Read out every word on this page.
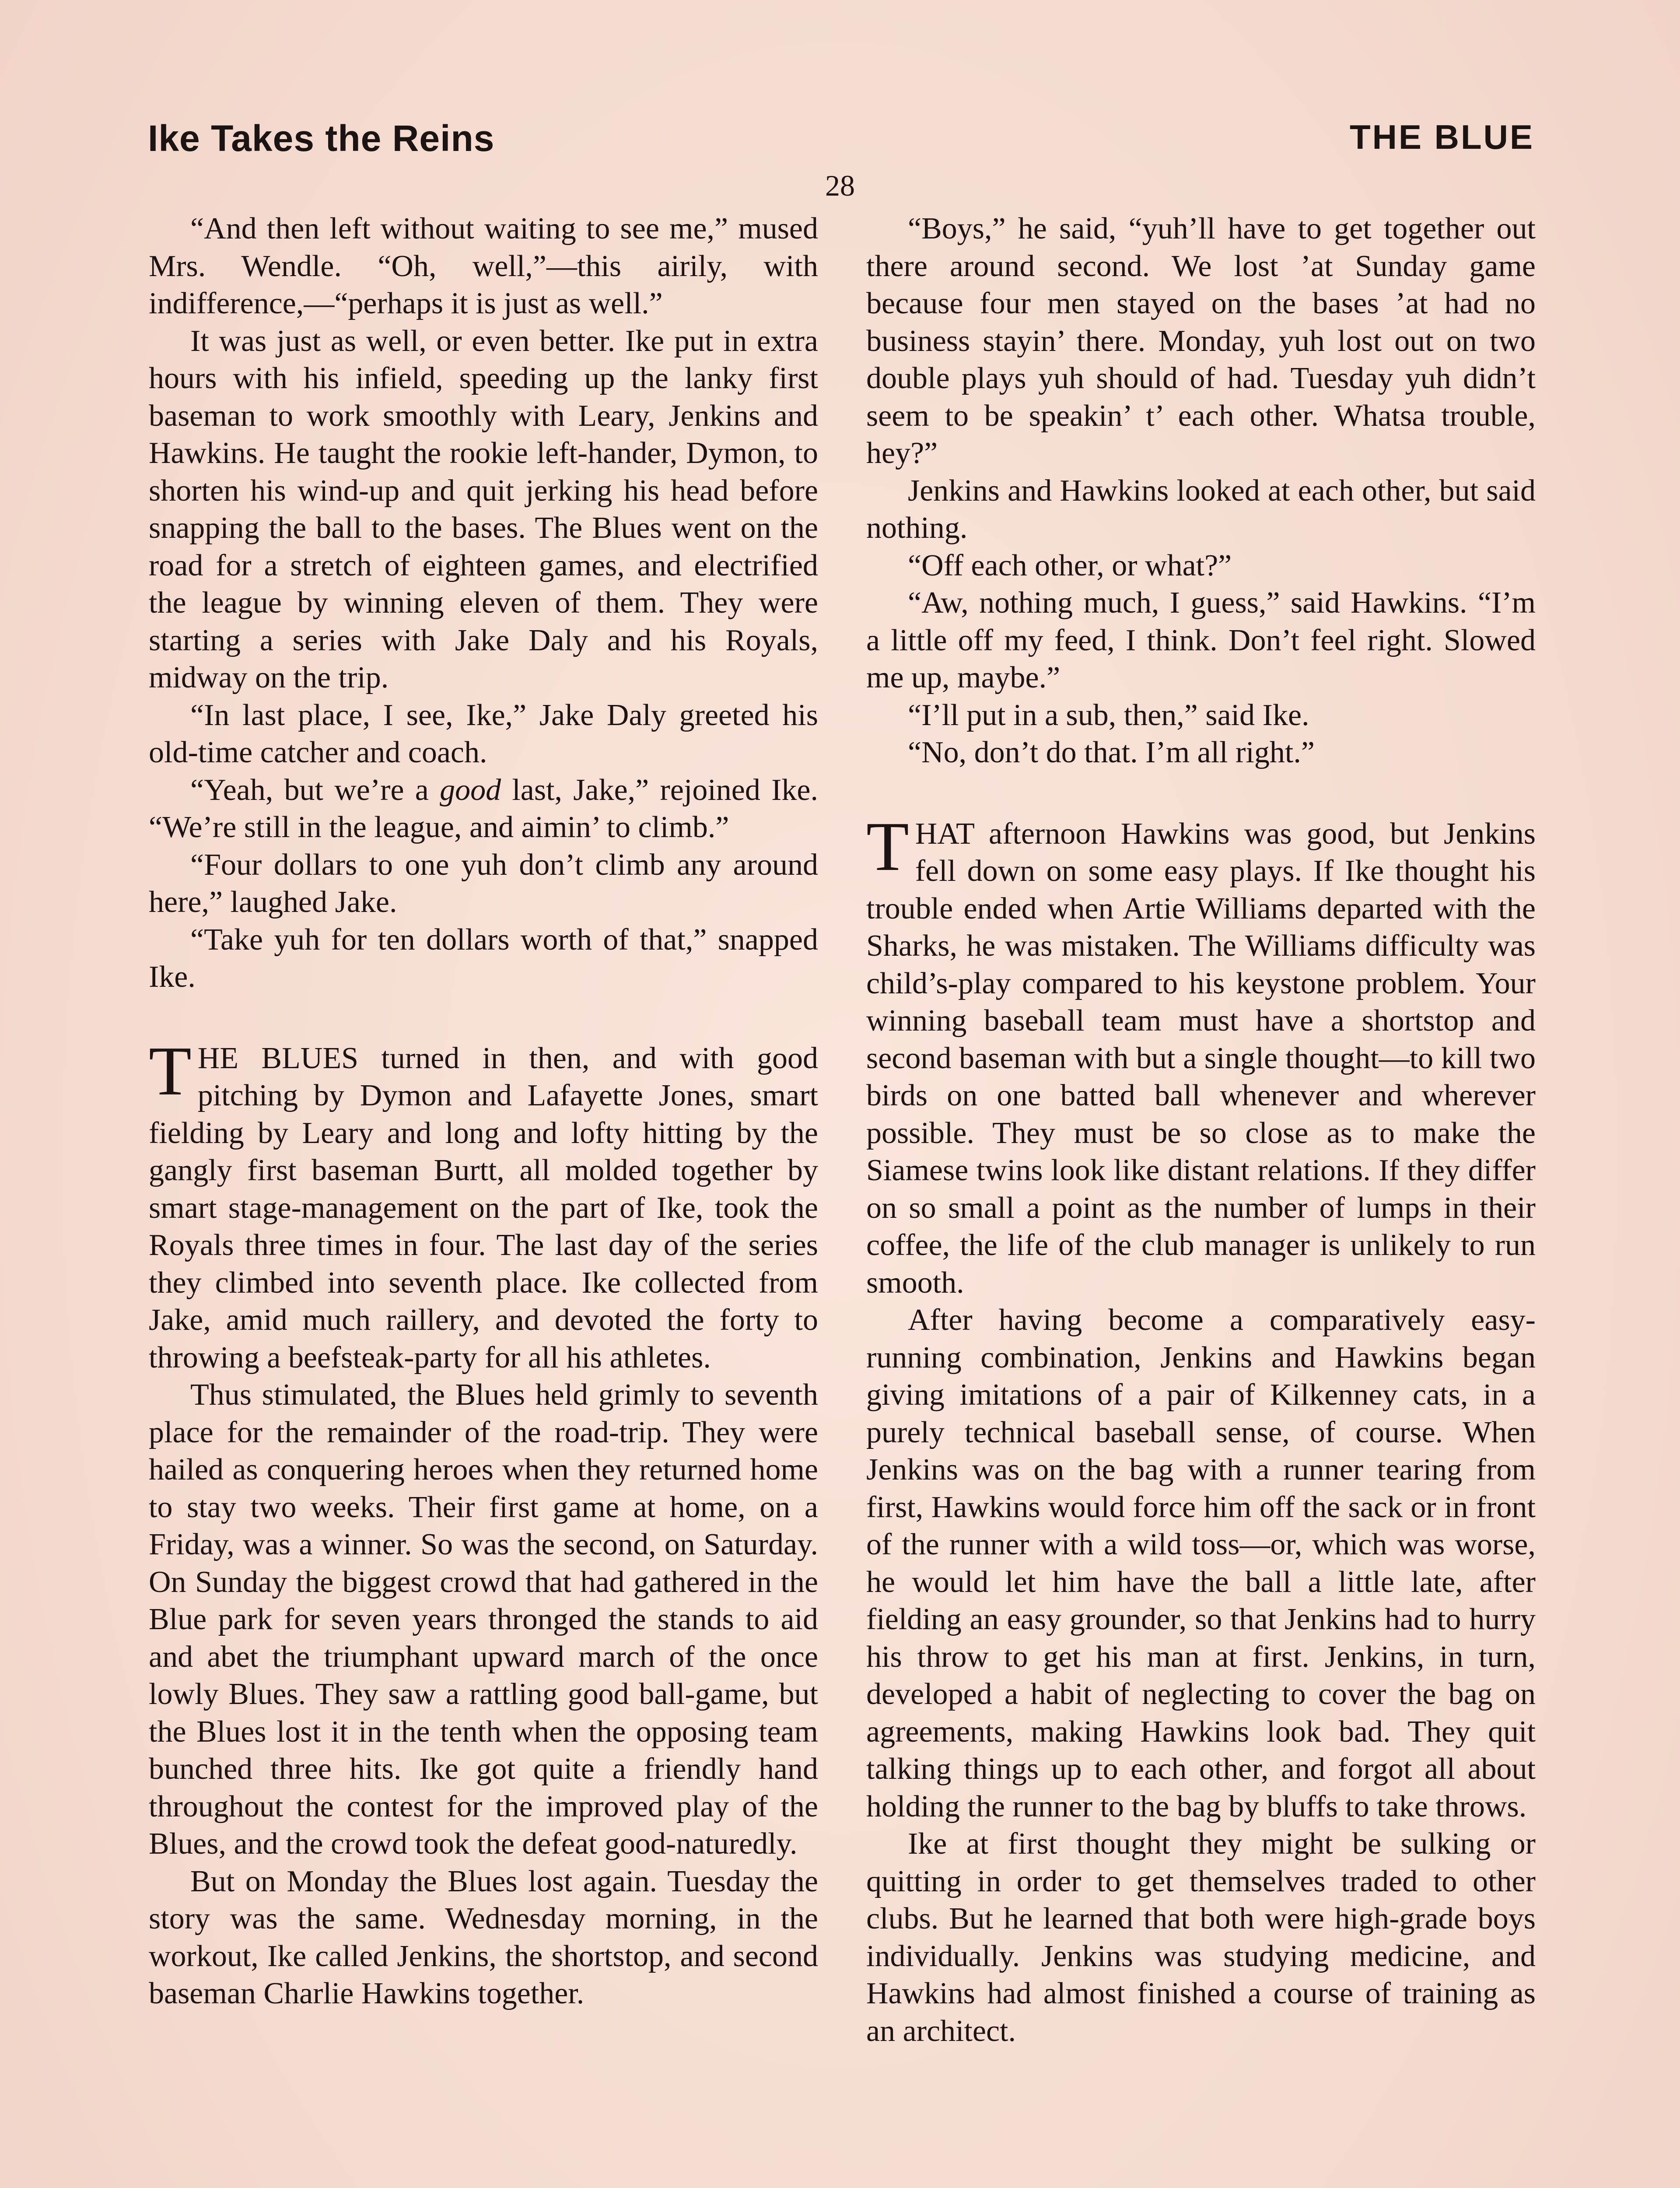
Ike Takes the Reins	THE BLUE
28

“And then left without waiting to see me,” mused Mrs. Wendle. “Oh, well,”—this airily, with indifference,—“perhaps it is just as well.”

It was just as well, or even better. Ike put in extra hours with his infield, speeding up the lanky first baseman to work smoothly with Leary, Jenkins and Hawkins. He taught the rookie left-hander, Dymon, to shorten his wind-up and quit jerking his head before snapping the ball to the bases. The Blues went on the road for a stretch of eighteen games, and electrified the league by winning eleven of them. They were starting a series with Jake Daly and his Royals, midway on the trip.

“In last place, I see, Ike,” Jake Daly greeted his old-time catcher and coach.

“Yeah, but we’re a good last, Jake,” rejoined Ike. “We’re still in the league, and aimin’ to climb.”

“Four dollars to one yuh don’t climb any around here,” laughed Jake.

“Take yuh for ten dollars worth of that,” snapped Ike.

THE BLUES turned in then, and with good pitching by Dymon and Lafayette Jones, smart fielding by Leary and long and lofty hitting by the gangly first baseman Burtt, all molded together by smart stage-management on the part of Ike, took the Royals three times in four. The last day of the series they climbed into seventh place. Ike collected from Jake, amid much raillery, and devoted the forty to throwing a beefsteak-party for all his athletes.

Thus stimulated, the Blues held grimly to seventh place for the remainder of the road-trip. They were hailed as conquering heroes when they returned home to stay two weeks. Their first game at home, on a Friday, was a winner. So was the second, on Saturday. On Sunday the biggest crowd that had gathered in the Blue park for seven years thronged the stands to aid and abet the triumphant upward march of the once lowly Blues. They saw a rattling good ball-game, but the Blues lost it in the tenth when the opposing team bunched three hits. Ike got quite a friendly hand throughout the contest for the improved play of the Blues, and the crowd took the defeat good-naturedly.

But on Monday the Blues lost again. Tuesday the story was the same. Wednesday morning, in the workout, Ike called Jenkins, the shortstop, and second baseman Charlie Hawkins together.

“Boys,” he said, “yuh’ll have to get together out there around second. We lost ’at Sunday game because four men stayed on the bases ’at had no business stayin’ there. Monday, yuh lost out on two double plays yuh should of had. Tuesday yuh didn’t seem to be speakin’ t’ each other. Whatsa trouble, hey?”

Jenkins and Hawkins looked at each other, but said nothing.

“Off each other, or what?”

“Aw, nothing much, I guess,” said Hawkins. “I’m a little off my feed, I think. Don’t feel right. Slowed me up, maybe.”

“I’ll put in a sub, then,” said Ike.

“No, don’t do that. I’m all right.”

THAT afternoon Hawkins was good, but Jenkins fell down on some easy plays. If Ike thought his trouble ended when Artie Williams departed with the Sharks, he was mistaken. The Williams difficulty was child’s-play compared to his keystone problem. Your winning baseball team must have a shortstop and second baseman with but a single thought—to kill two birds on one batted ball whenever and wherever possible. They must be so close as to make the Siamese twins look like distant relations. If they differ on so small a point as the number of lumps in their coffee, the life of the club manager is unlikely to run smooth.

After having become a comparatively easy-running combination, Jenkins and Hawkins began giving imitations of a pair of Kilkenney cats, in a purely technical baseball sense, of course. When Jenkins was on the bag with a runner tearing from first, Hawkins would force him off the sack or in front of the runner with a wild toss—or, which was worse, he would let him have the ball a little late, after fielding an easy grounder, so that Jenkins had to hurry his throw to get his man at first. Jenkins, in turn, developed a habit of neglecting to cover the bag on agreements, making Hawkins look bad. They quit talking things up to each other, and forgot all about holding the runner to the bag by bluffs to take throws.

Ike at first thought they might be sulking or quitting in order to get themselves traded to other clubs. But he learned that both were high-grade boys individually. Jenkins was studying medicine, and Hawkins had almost finished a course of training as an architect.
